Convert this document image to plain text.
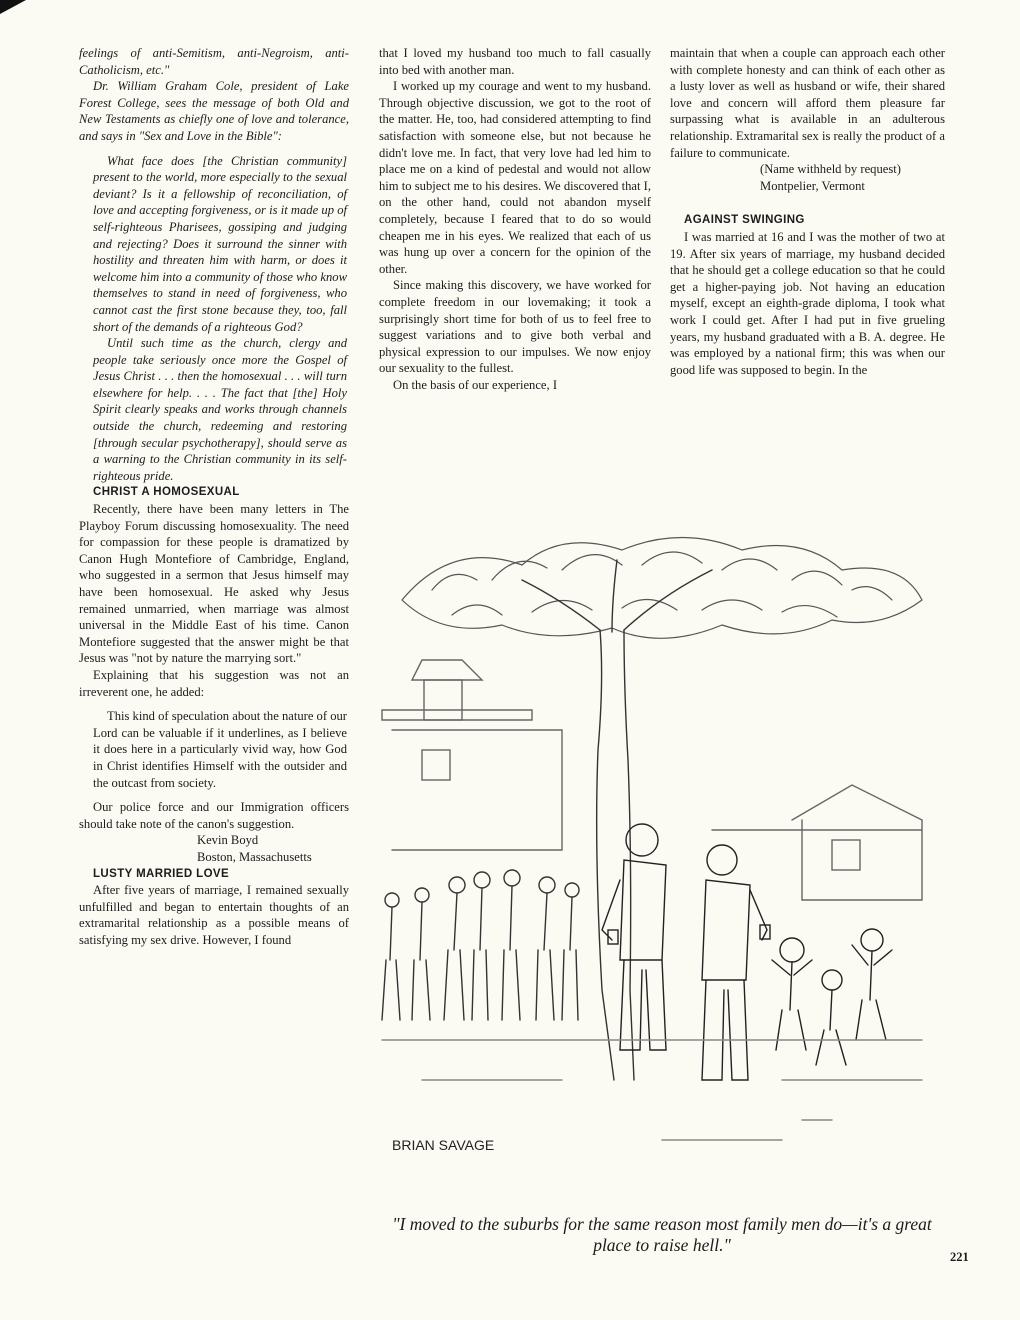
feelings of anti-Semitism, anti-Negroism, anti-Catholicism, etc."

Dr. William Graham Cole, president of Lake Forest College, sees the message of both Old and New Testaments as chiefly one of love and tolerance, and says in "Sex and Love in the Bible":

What face does [the Christian community] present to the world, more especially to the sexual deviant? Is it a fellowship of reconciliation, of love and accepting forgiveness, or is it made up of self-righteous Pharisees, gossiping and judging and rejecting? Does it surround the sinner with hostility and threaten him with harm, or does it welcome him into a community of those who know themselves to stand in need of forgiveness, who cannot cast the first stone because they, too, fall short of the demands of a righteous God?

Until such time as the church, clergy and people take seriously once more the Gospel of Jesus Christ . . . then the homosexual . . . will turn elsewhere for help. . . . The fact that [the] Holy Spirit clearly speaks and works through channels outside the church, redeeming and restoring [through secular psychotherapy], should serve as a warning to the Christian community in its self-righteous pride.

CHRIST A HOMOSEXUAL

Recently, there have been many letters in The Playboy Forum discussing homosexuality. The need for compassion for these people is dramatized by Canon Hugh Montefiore of Cambridge, England, who suggested in a sermon that Jesus himself may have been homosexual. He asked why Jesus remained unmarried, when marriage was almost universal in the Middle East of his time. Canon Montefiore suggested that the answer might be that Jesus was "not by nature the marrying sort."

Explaining that his suggestion was not an irreverent one, he added:

This kind of speculation about the nature of our Lord can be valuable if it underlines, as I believe it does here in a particularly vivid way, how God in Christ identifies Himself with the outsider and the outcast from society.

Our police force and our Immigration officers should take note of the canon's suggestion.

Kevin Boyd

Boston, Massachusetts

LUSTY MARRIED LOVE

After five years of marriage, I remained sexually unfulfilled and began to entertain thoughts of an extramarital relationship as a possible means of satisfying my sex drive. However, I found

that I loved my husband too much to fall casually into bed with another man.

I worked up my courage and went to my husband. Through objective discussion, we got to the root of the matter. He, too, had considered attempting to find satisfaction with someone else, but not because he didn't love me. In fact, that very love had led him to place me on a kind of pedestal and would not allow him to subject me to his desires. We discovered that I, on the other hand, could not abandon myself completely, because I feared that to do so would cheapen me in his eyes. We realized that each of us was hung up over a concern for the opinion of the other.

Since making this discovery, we have worked for complete freedom in our lovemaking; it took a surprisingly short time for both of us to feel free to suggest variations and to give both verbal and physical expression to our impulses. We now enjoy our sexuality to the fullest.

On the basis of our experience, I

maintain that when a couple can approach each other with complete honesty and can think of each other as a lusty lover as well as husband or wife, their shared love and concern will afford them pleasure far surpassing what is available in an adulterous relationship. Extramarital sex is really the product of a failure to communicate.

(Name withheld by request)

Montpelier, Vermont

AGAINST SWINGING

I was married at 16 and I was the mother of two at 19. After six years of marriage, my husband decided that he should get a college education so that he could get a higher-paying job. Not having an education myself, except an eighth-grade diploma, I took what work I could get. After I had put in five grueling years, my husband graduated with a B. A. degree. He was employed by a national firm; this was when our good life was supposed to begin. In the

BRIAN SAVAGE
"I moved to the suburbs for the same reason most family men do—it's a great place to raise hell."
221
